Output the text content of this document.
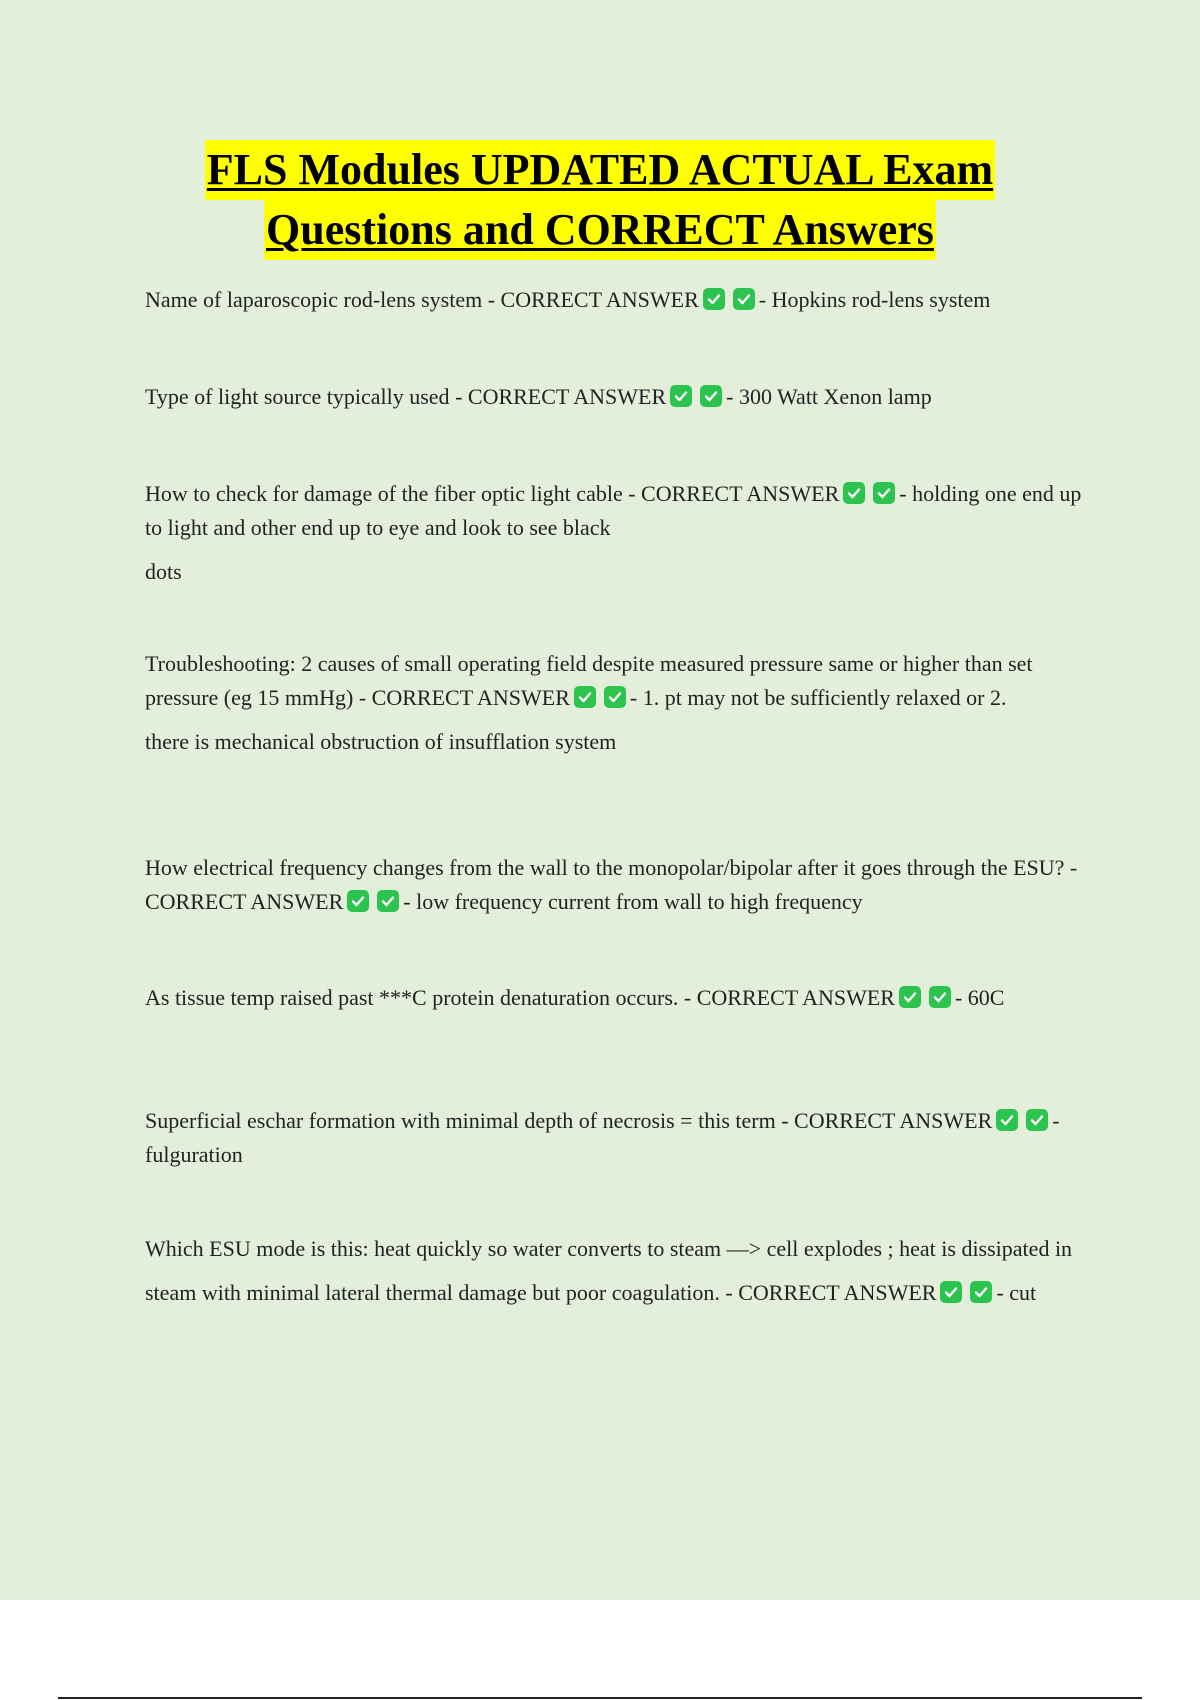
FLS Modules UPDATED ACTUAL Exam
Questions and CORRECT Answers

Name of laparoscopic rod-lens system - CORRECT ANSWER	- Hopkins rod-lens system

Type of light source typically used - CORRECT ANSWER	- 300 Watt Xenon lamp

How to check for damage of the fiber optic light cable - CORRECT ANSWER	- holding one end up to light and other end up to eye and look to see black

dots

Troubleshooting: 2 causes of small operating field despite measured pressure same or higher than set pressure (eg 15 mmHg) - CORRECT ANSWER	- 1. pt may not be sufficiently relaxed or 2.

there is mechanical obstruction of insufflation system

How electrical frequency changes from the wall to the monopolar/bipolar after it goes through the ESU? - CORRECT ANSWER	- low frequency current from wall to high frequency

As tissue temp raised past ***C protein denaturation occurs. - CORRECT ANSWER	- 60C

Superficial eschar formation with minimal depth of necrosis = this term - CORRECT ANSWER	- fulguration

Which ESU mode is this: heat quickly so water converts to steam —> cell explodes ; heat is dissipated in

steam with minimal lateral thermal damage but poor coagulation. - CORRECT ANSWER	- cut
